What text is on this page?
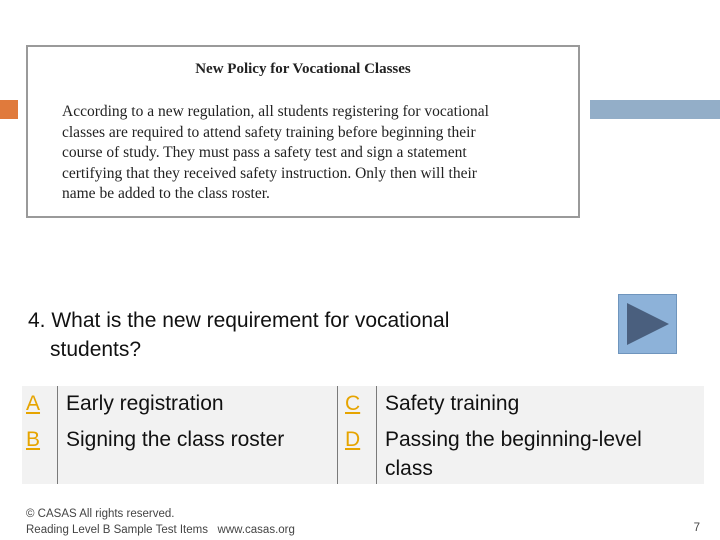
New Policy for Vocational Classes
According to a new regulation, all students registering for vocational
classes are required to attend safety training before beginning their
course of study. They must pass a safety test and sign a statement
certifying that they received safety instruction. Only then will their
name be added to the class roster.
4. What is the new requirement for vocational
students?
A Early registration
B Signing the class roster
C Safety training
D Passing the beginning-level
class
© CASAS All rights reserved.
Reading Level B Sample Test Items   www.casas.org	7
